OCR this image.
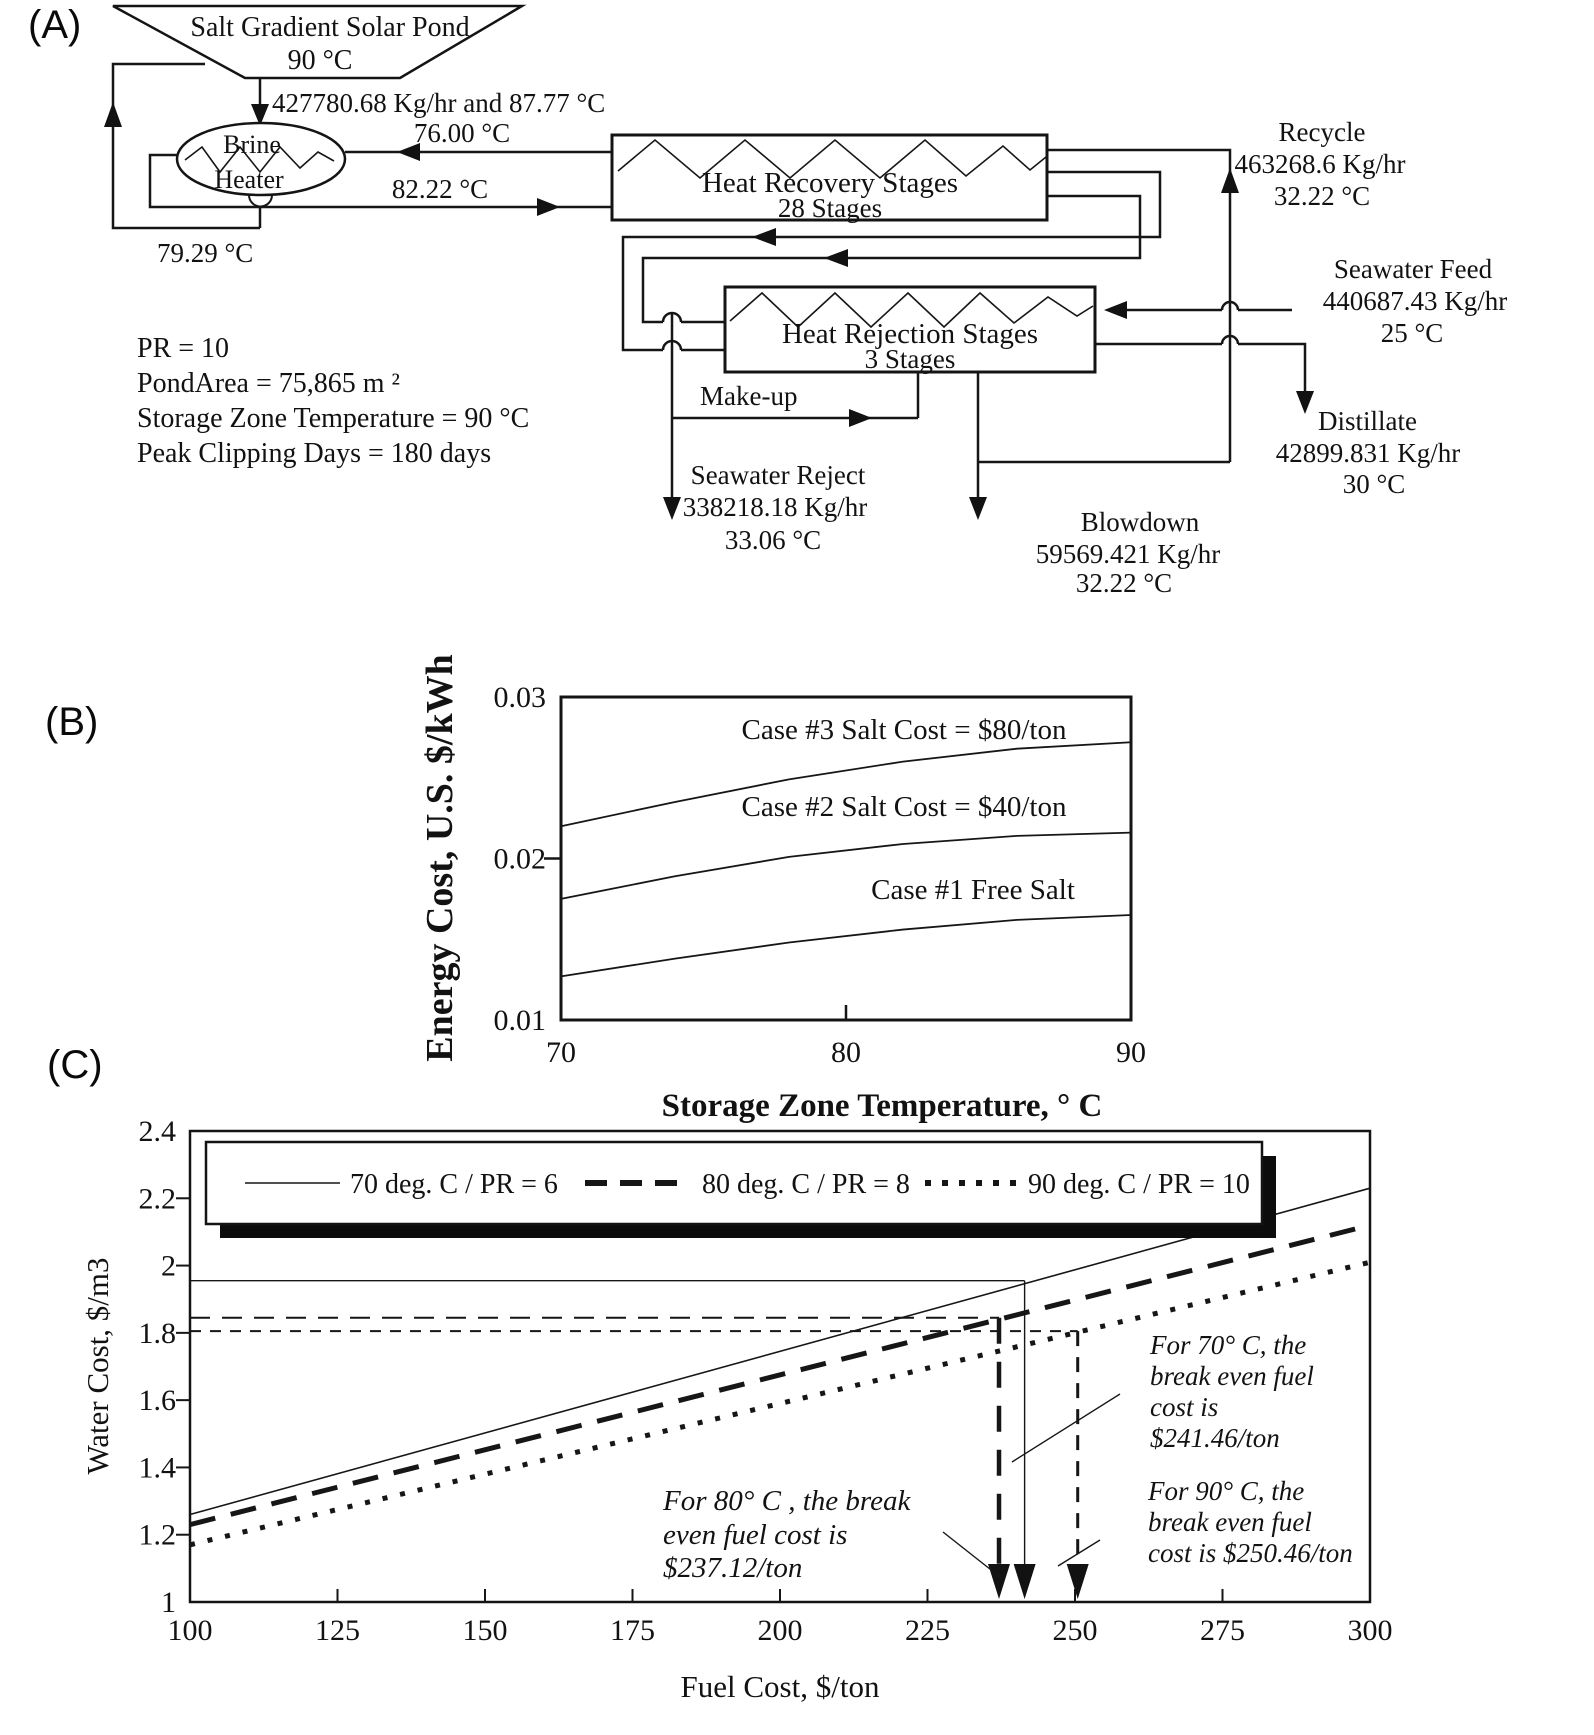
(A)	Salt Gradient Solar Pond
90 °C
427780.68 Kg/hr and 87.77 °C
79.29 °C
Brine
Heater
76.00 °C
82.22 °C	Heat Recovery Stages
28 Stages
Heat Rejection Stages
3 Stages
Seawater Reject
338218.18 Kg/hr
33.06 °C
Make-up
Blowdown
59569.421 Kg/hr
32.22 °C
Recycle
463268.6 Kg/hr
32.22 °C
Seawater Feed
440687.43 Kg/hr
25 °C
Distillate
42899.831 Kg/hr
30 °C
PR = 10
PondArea = 75,865 m ²
Storage Zone Temperature = 90 °C
Peak Clipping Days = 180 days
(B)	Energy Cost, U.S. $/kWh 0.01
0.02
0.03
70	80	90
Case #3 Salt Cost = $80/ton
Case #2 Salt Cost = $40/ton
Case #1 Free Salt
Storage Zone Temperature, ° C
(C)
Water Cost, $/m3
1
1.2
1.4
1.6
1.8
2
2.2
2.4
100	125	150	175	200	225	250	275	300
70 deg. C / PR = 6	80 deg. C / PR = 8	90 deg. C / PR = 10
For 80° C , the break
even fuel cost is
$237.12/ton
For 70° C, the
break even fuel
cost is
$241.46/ton
For 90° C, the
break even fuel
cost is $250.46/ton
Fuel Cost, $/ton
